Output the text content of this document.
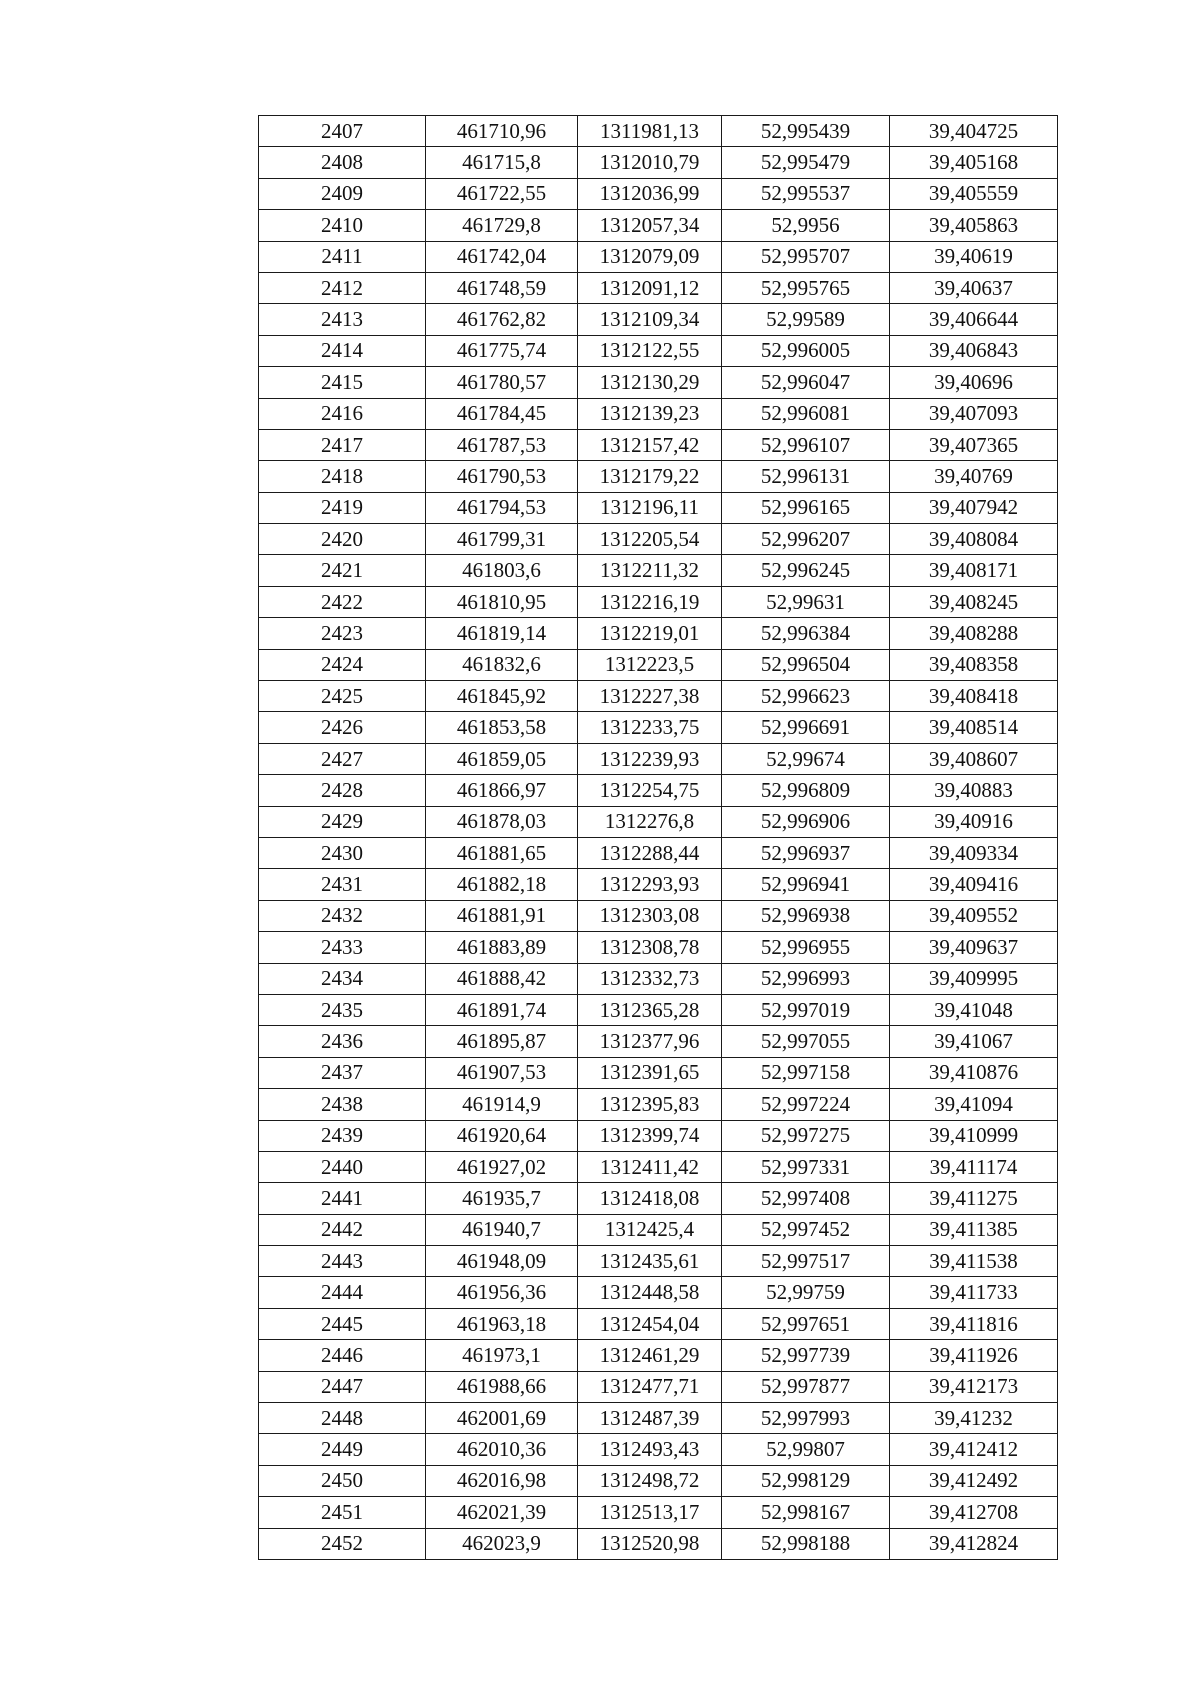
2407	461710,96	1311981,13	52,995439	39,404725
2408	461715,8	1312010,79	52,995479	39,405168
2409	461722,55	1312036,99	52,995537	39,405559
2410	461729,8	1312057,34	52,9956	39,405863
2411	461742,04	1312079,09	52,995707	39,40619
2412	461748,59	1312091,12	52,995765	39,40637
2413	461762,82	1312109,34	52,99589	39,406644
2414	461775,74	1312122,55	52,996005	39,406843
2415	461780,57	1312130,29	52,996047	39,40696
2416	461784,45	1312139,23	52,996081	39,407093
2417	461787,53	1312157,42	52,996107	39,407365
2418	461790,53	1312179,22	52,996131	39,40769
2419	461794,53	1312196,11	52,996165	39,407942
2420	461799,31	1312205,54	52,996207	39,408084
2421	461803,6	1312211,32	52,996245	39,408171
2422	461810,95	1312216,19	52,99631	39,408245
2423	461819,14	1312219,01	52,996384	39,408288
2424	461832,6	1312223,5	52,996504	39,408358
2425	461845,92	1312227,38	52,996623	39,408418
2426	461853,58	1312233,75	52,996691	39,408514
2427	461859,05	1312239,93	52,99674	39,408607
2428	461866,97	1312254,75	52,996809	39,40883
2429	461878,03	1312276,8	52,996906	39,40916
2430	461881,65	1312288,44	52,996937	39,409334
2431	461882,18	1312293,93	52,996941	39,409416
2432	461881,91	1312303,08	52,996938	39,409552
2433	461883,89	1312308,78	52,996955	39,409637
2434	461888,42	1312332,73	52,996993	39,409995
2435	461891,74	1312365,28	52,997019	39,41048
2436	461895,87	1312377,96	52,997055	39,41067
2437	461907,53	1312391,65	52,997158	39,410876
2438	461914,9	1312395,83	52,997224	39,41094
2439	461920,64	1312399,74	52,997275	39,410999
2440	461927,02	1312411,42	52,997331	39,411174
2441	461935,7	1312418,08	52,997408	39,411275
2442	461940,7	1312425,4	52,997452	39,411385
2443	461948,09	1312435,61	52,997517	39,411538
2444	461956,36	1312448,58	52,99759	39,411733
2445	461963,18	1312454,04	52,997651	39,411816
2446	461973,1	1312461,29	52,997739	39,411926
2447	461988,66	1312477,71	52,997877	39,412173
2448	462001,69	1312487,39	52,997993	39,41232
2449	462010,36	1312493,43	52,99807	39,412412
2450	462016,98	1312498,72	52,998129	39,412492
2451	462021,39	1312513,17	52,998167	39,412708
2452	462023,9	1312520,98	52,998188	39,412824
